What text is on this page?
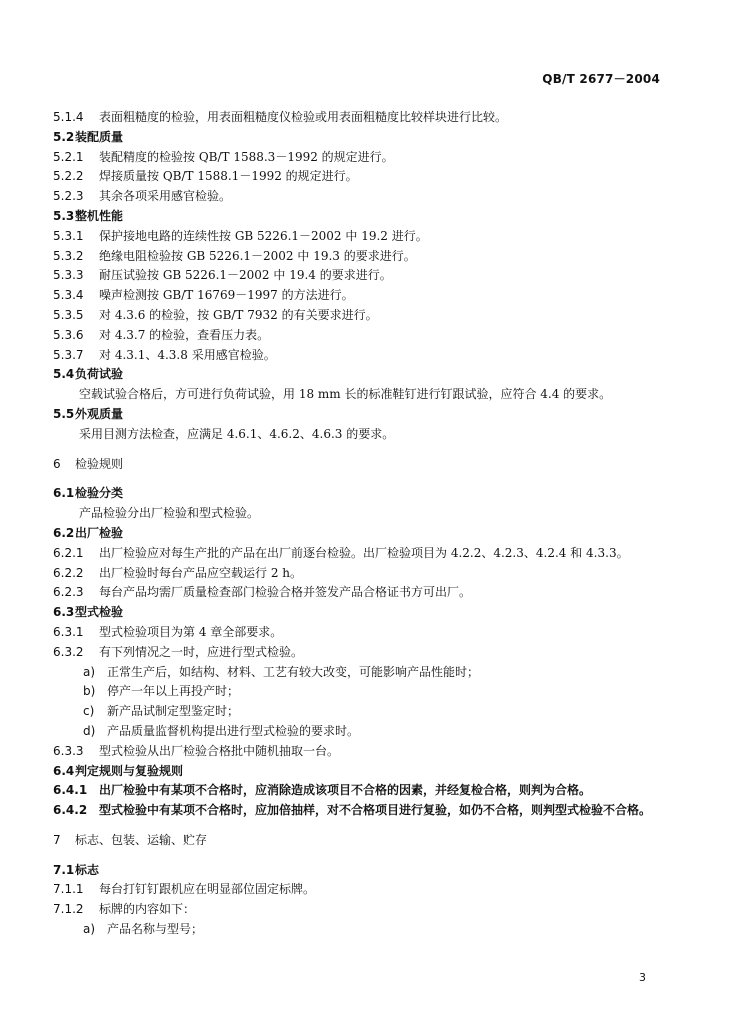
QB/T 2677－2004
5.1.4	表面粗糙度的检验，用表面粗糙度仪检验或用表面粗糙度比较样块进行比较。
5.2 装配质量
5.2.1	装配精度的检验按 QB/T 1588.3－1992 的规定进行。
5.2.2	焊接质量按 QB/T 1588.1－1992 的规定进行。
5.2.3	其余各项采用感官检验。
5.3 整机性能
5.3.1	保护接地电路的连续性按 GB 5226.1－2002 中 19.2 进行。
5.3.2	绝缘电阻检验按 GB 5226.1－2002 中 19.3 的要求进行。
5.3.3	耐压试验按 GB 5226.1－2002 中 19.4 的要求进行。
5.3.4	噪声检测按 GB/T 16769－1997 的方法进行。
5.3.5	对 4.3.6 的检验，按 GB/T 7932 的有关要求进行。
5.3.6	对 4.3.7 的检验，查看压力表。
5.3.7	对 4.3.1、4.3.8 采用感官检验。
5.4 负荷试验
空载试验合格后，方可进行负荷试验，用 18 mm 长的标准鞋钉进行钉跟试验，应符合 4.4 的要求。
5.5 外观质量
采用目测方法检查，应满足 4.6.1、4.6.2、4.6.3 的要求。
6	检验规则
6.1 检验分类
产品检验分出厂检验和型式检验。
6.2 出厂检验
6.2.1	出厂检验应对每生产批的产品在出厂前逐台检验。出厂检验项目为 4.2.2、4.2.3、4.2.4 和 4.3.3。
6.2.2	出厂检验时每台产品应空载运行 2 h。
6.2.3	每台产品均需厂质量检查部门检验合格并签发产品合格证书方可出厂。
6.3 型式检验
6.3.1	型式检验项目为第 4 章全部要求。
6.3.2	有下列情况之一时，应进行型式检验。
a) 正常生产后，如结构、材料、工艺有较大改变，可能影响产品性能时；
b) 停产一年以上再投产时；
c)	新产品试制定型鉴定时；
d) 产品质量监督机构提出进行型式检验的要求时。
6.3.3	型式检验从出厂检验合格批中随机抽取一台。
6.4 判定规则与复验规则
6.4.1 出厂检验中有某项不合格时，应消除造成该项目不合格的因素，并经复检合格，则判为合格。
6.4.2 型式检验中有某项不合格时，应加倍抽样，对不合格项目进行复验，如仍不合格，则判型式检验不合格。
7	标志、包装、运输、贮存
7.1 标志
7.1.1	每台打钉钉跟机应在明显部位固定标牌。
7.1.2	标牌的内容如下：
a) 产品名称与型号；
3
